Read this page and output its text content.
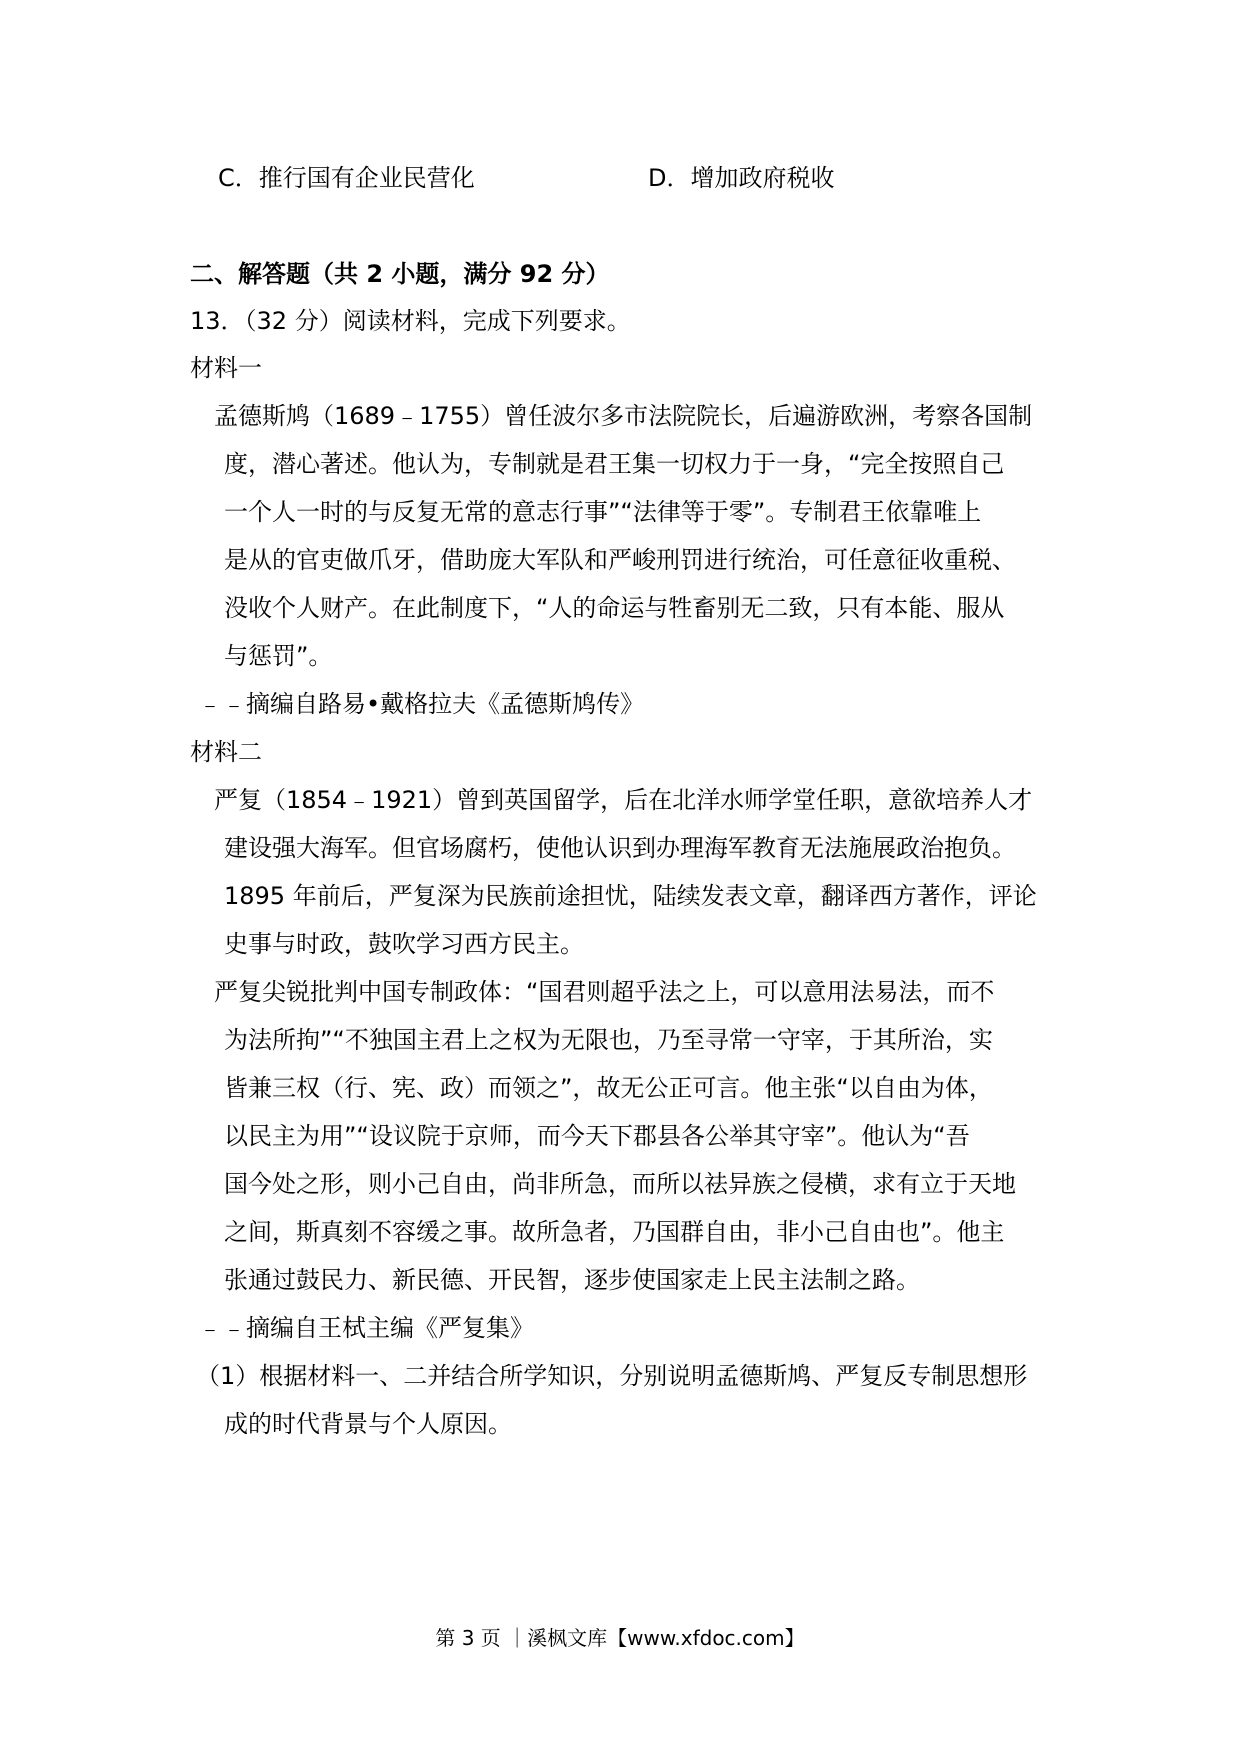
C．推行国有企业民营化	D．增加政府税收
二、解答题（共 2 小题，满分 92 分）
13．（32 分）阅读材料，完成下列要求。
材料一
孟德斯鸠（1689﹣1755）曾任波尔多市法院院长，后遍游欧洲，考察各国制
度，潜心著述。他认为，专制就是君王集一切权力于一身，“完全按照自己
一个人一时的与反复无常的意志行事”“法律等于零”。专制君王依靠唯上
是从的官吏做爪牙，借助庞大军队和严峻刑罚进行统治，可任意征收重税、
没收个人财产。在此制度下，“人的命运与牲畜别无二致，只有本能、服从
与惩罚”。
﹣﹣摘编自路易•戴格拉夫《孟德斯鸠传》
材料二
严复（1854﹣1921）曾到英国留学，后在北洋水师学堂任职，意欲培养人才
建设强大海军。但官场腐朽，使他认识到办理海军教育无法施展政治抱负。
1895 年前后，严复深为民族前途担忧，陆续发表文章，翻译西方著作，评论
史事与时政，鼓吹学习西方民主。
严复尖锐批判中国专制政体：“国君则超乎法之上，可以意用法易法，而不
为法所拘”“不独国主君上之权为无限也，乃至寻常一守宰，于其所治，实
皆兼三权（行、宪、政）而领之”，故无公正可言。他主张“以自由为体，
以民主为用”“设议院于京师，而今天下郡县各公举其守宰”。他认为“吾
国今处之形，则小己自由，尚非所急，而所以祛异族之侵横，求有立于天地
之间，斯真刻不容缓之事。故所急者，乃国群自由，非小己自由也”。他主
张通过鼓民力、新民德、开民智，逐步使国家走上民主法制之路。
﹣﹣摘编自王栻主编《严复集》
（1）根据材料一、二并结合所学知识，分别说明孟德斯鸠、严复反专制思想形
成的时代背景与个人原因。
第 3 页 ｜溪枫文库【www.xfdoc.com】
